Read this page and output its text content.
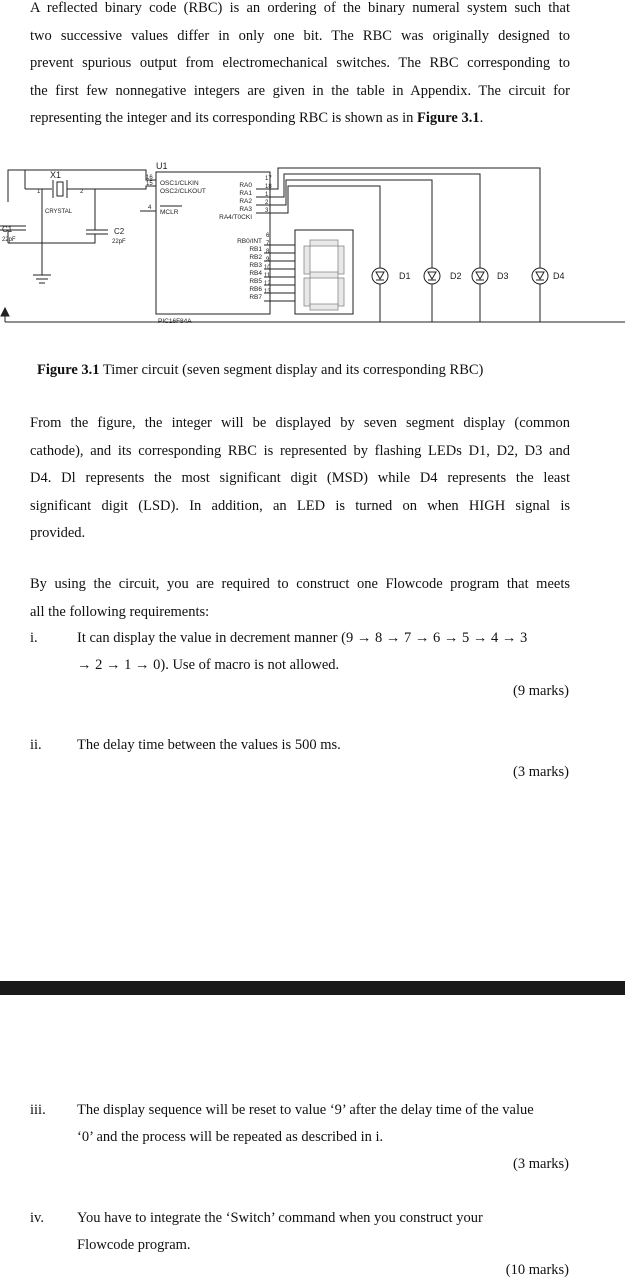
A reflected binary code (RBC) is an ordering of the binary numeral system such that
two successive values differ in only one bit. The RBC was originally designed to
prevent spurious output from electromechanical switches. The RBC corresponding to
the first few nonnegative integers are given in the table in Appendix. The circuit for
representing the integer and its corresponding RBC is shown as in Figure 3.1.
X1
1	2
CRYSTAL
C1
22pF
C2
22pF
U1
PIC16F84A
OSC1/CLKIN
OSC2/CLKOUT
MCLR
16
15
4
RA0
RA1
RA2
RA3
RA4/T0CKI
RB0/INT
RB1
RB2
RB3
RB4
RB5
RB6
RB7
17
18
1
2
3
6
7
8
9
10
11
12
13
D1	D2	D3	D4
Figure 3.1 Timer circuit (seven segment display and its corresponding RBC)
From the figure, the integer will be displayed by seven segment display (common
cathode), and its corresponding RBC is represented by flashing LEDs D1, D2, D3 and
D4. Dl represents the most significant digit (MSD) while D4 represents the least
significant digit (LSD). In addition, an LED is turned on when HIGH signal is
provided.
By using the circuit, you are required to construct one Flowcode program that meets
all the following requirements:
i.	It can display the value in decrement manner (9 → 8 → 7 → 6 → 5 → 4 → 3
→ 2 → 1 → 0). Use of macro is not allowed.
(9 marks)
ii. The delay time between the values is 500 ms.
(3 marks)
iii. The display sequence will be reset to value ‘9’ after the delay time of the value
‘0’ and the process will be repeated as described in i.
(3 marks)
iv. You have to integrate the ‘Switch’ command when you construct your
Flowcode program.
(10 marks)
